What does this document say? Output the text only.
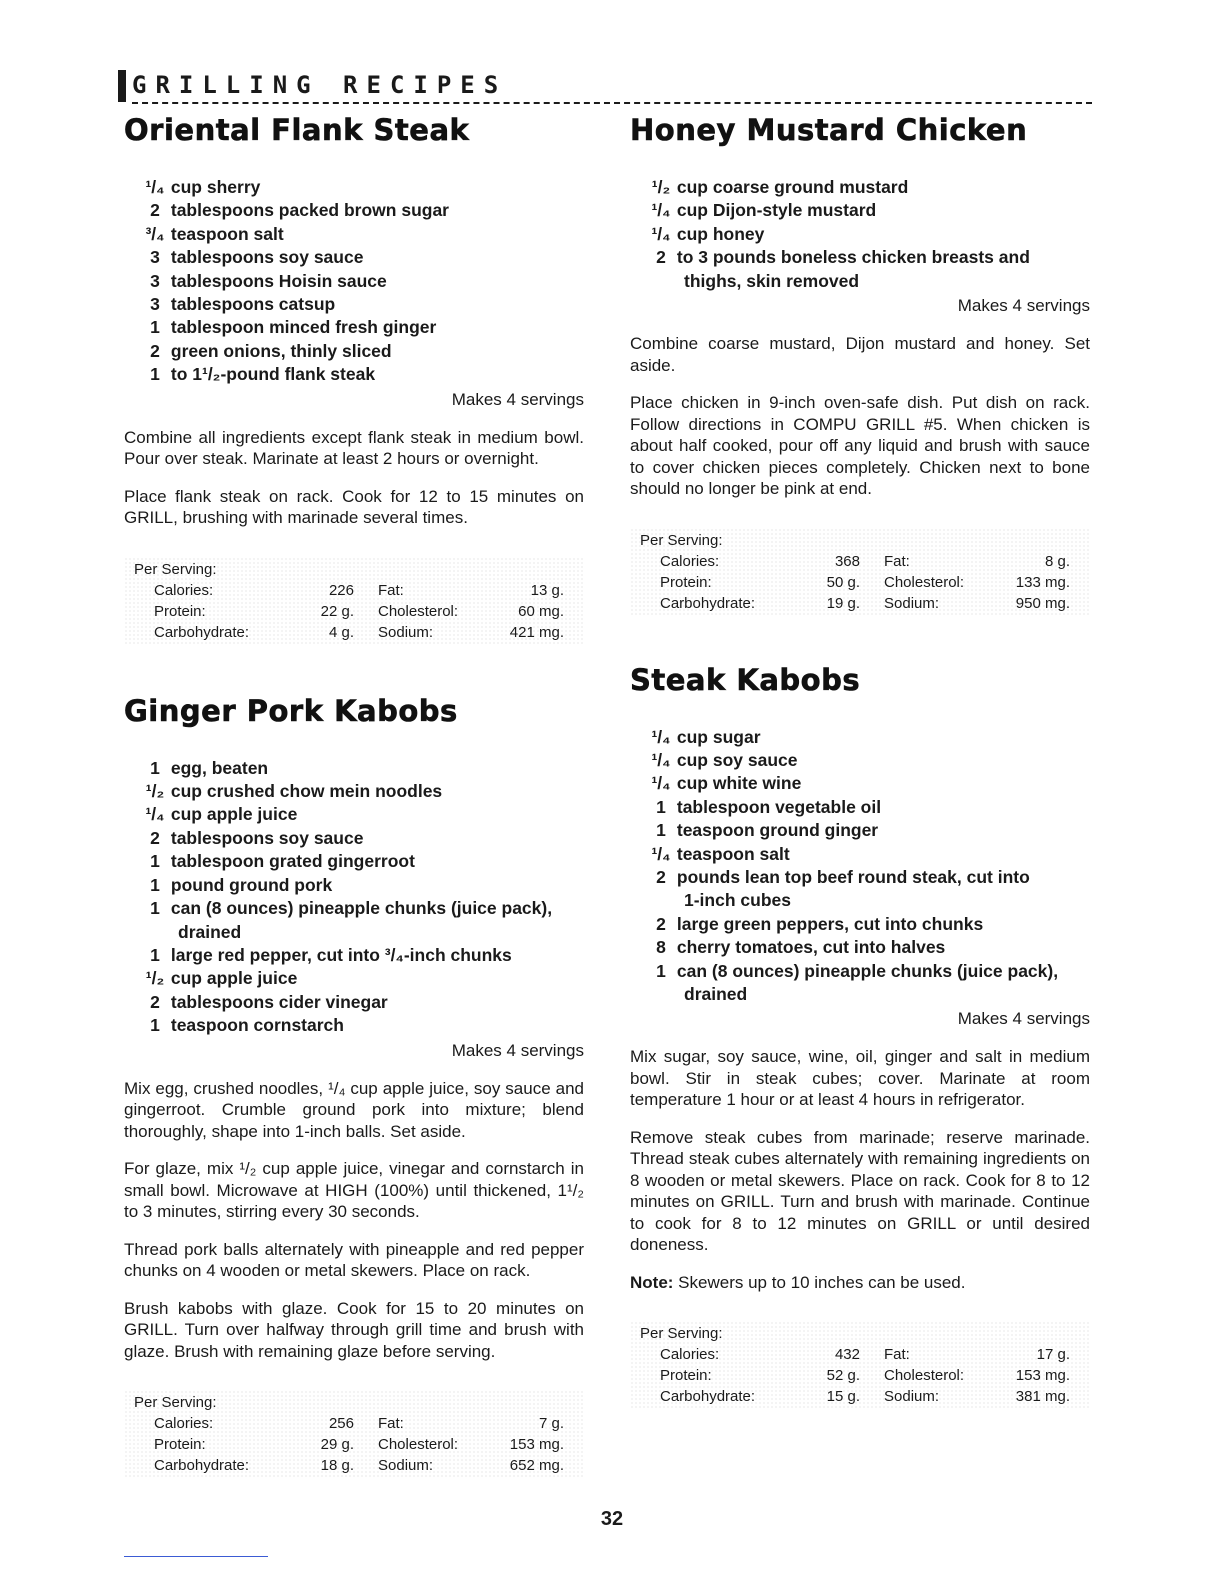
GRILLING RECIPES
Oriental Flank Steak
¹/₄ cup sherry
2 tablespoons packed brown sugar
³/₄ teaspoon salt
3 tablespoons soy sauce
3 tablespoons Hoisin sauce
3 tablespoons catsup
1 tablespoon minced fresh ginger
2 green onions, thinly sliced
1 to 1¹/₂-pound flank steak
Makes 4 servings

Combine all ingredients except flank steak in medium bowl. Pour over steak. Marinate at least 2 hours or overnight.

Place flank steak on rack. Cook for 12 to 15 minutes on GRILL, brushing with marinade several times.

Per Serving:
Calories:	226	Fat:	13 g.
Protein:	22 g.	Cholesterol:	60 mg.
Carbohydrate:	4 g.	Sodium:	421 mg.
Ginger Pork Kabobs
1 egg, beaten
¹/₂ cup crushed chow mein noodles
¹/₄ cup apple juice
2 tablespoons soy sauce
1 tablespoon grated gingerroot
1 pound ground pork
1 can (8 ounces) pineapple chunks (juice pack),
drained
1 large red pepper, cut into ³/₄-inch chunks
¹/₂ cup apple juice
2 tablespoons cider vinegar
1 teaspoon cornstarch
Makes 4 servings

Mix egg, crushed noodles, ¹/₄ cup apple juice, soy sauce and gingerroot. Crumble ground pork into mixture; blend thoroughly, shape into 1-inch balls. Set aside.

For glaze, mix ¹/₂ cup apple juice, vinegar and cornstarch in small bowl. Microwave at HIGH (100%) until thickened, 1¹/₂ to 3 minutes, stirring every 30 seconds.

Thread pork balls alternately with pineapple and red pepper chunks on 4 wooden or metal skewers. Place on rack.

Brush kabobs with glaze. Cook for 15 to 20 minutes on GRILL. Turn over halfway through grill time and brush with glaze. Brush with remaining glaze before serving.

Per Serving:
Calories:	256	Fat:	7 g.
Protein:	29 g.	Cholesterol:	153 mg.
Carbohydrate:	18 g.	Sodium:	652 mg.
Honey Mustard Chicken
¹/₂ cup coarse ground mustard
¹/₄ cup Dijon-style mustard
¹/₄ cup honey
2 to 3 pounds boneless chicken breasts and
thighs, skin removed
Makes 4 servings

Combine coarse mustard, Dijon mustard and honey. Set aside.

Place chicken in 9-inch oven-safe dish. Put dish on rack. Follow directions in COMPU GRILL #5. When chicken is about half cooked, pour off any liquid and brush with sauce to cover chicken pieces completely. Chicken next to bone should no longer be pink at end.

Per Serving:
Calories:	368	Fat:	8 g.
Protein:	50 g.	Cholesterol:	133 mg.
Carbohydrate:	19 g.	Sodium:	950 mg.
Steak Kabobs
¹/₄ cup sugar
¹/₄ cup soy sauce
¹/₄ cup white wine
1 tablespoon vegetable oil
1 teaspoon ground ginger
¹/₄ teaspoon salt
2 pounds lean top beef round steak, cut into
1-inch cubes
2 large green peppers, cut into chunks
8 cherry tomatoes, cut into halves
1 can (8 ounces) pineapple chunks (juice pack),
drained
Makes 4 servings

Mix sugar, soy sauce, wine, oil, ginger and salt in medium bowl. Stir in steak cubes; cover. Marinate at room temperature 1 hour or at least 4 hours in refrigerator.

Remove steak cubes from marinade; reserve marinade. Thread steak cubes alternately with remaining ingredients on 8 wooden or metal skewers. Place on rack. Cook for 8 to 12 minutes on GRILL. Turn and brush with marinade. Continue to cook for 8 to 12 minutes on GRILL or until desired doneness.

Note: Skewers up to 10 inches can be used.

Per Serving:
Calories:	432	Fat:	17 g.
Protein:	52 g.	Cholesterol:	153 mg.
Carbohydrate:	15 g.	Sodium:	381 mg.
32
